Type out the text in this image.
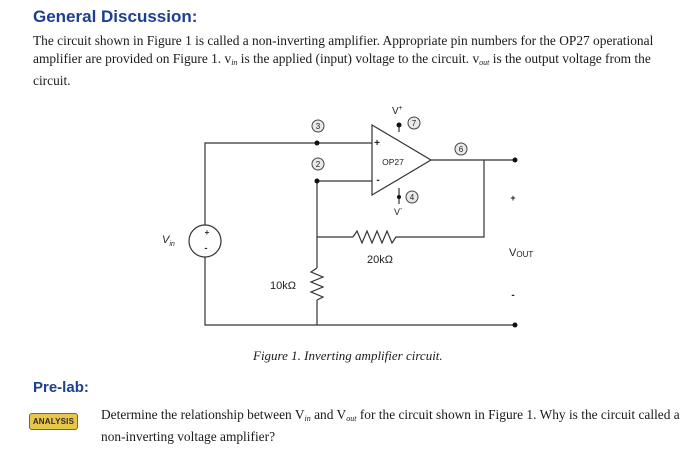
General Discussion:
The circuit shown in Figure 1 is called a non-inverting amplifier. Appropriate pin numbers for the OP27 operational amplifier are provided on Figure 1. $v_{in}$ is the applied (input) voltage to the circuit. $v_{out}$ is the output voltage from the circuit.
3
2
7
6
4
OP27
+
-
V+
V-
$V_{in}$
+
-
20kΩ
10kΩ
VOUT
+
-
Figure 1. Inverting amplifier circuit.
Pre-lab:
ANALYSIS Determine the relationship between $V_{in}$ and $V_{out}$ for the circuit shown in Figure 1. Why is the circuit called a non-inverting voltage amplifier?
